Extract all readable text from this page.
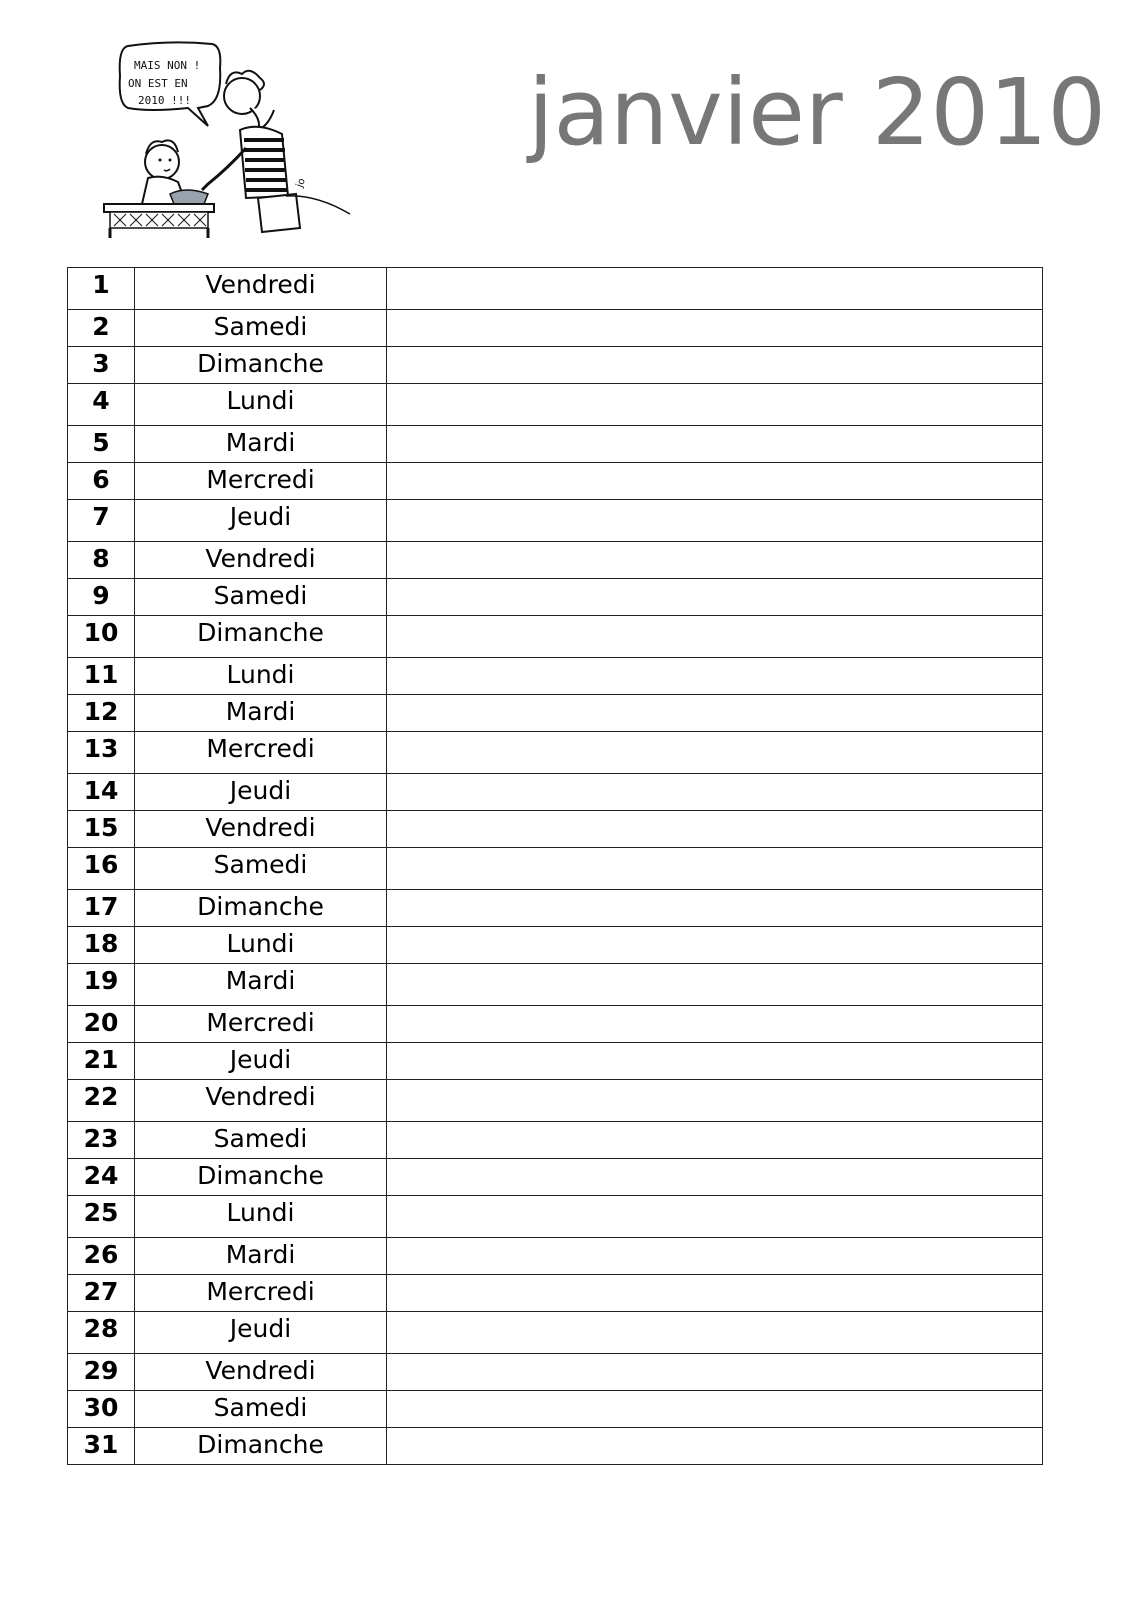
MAIS NON !
ON EST EN
2010 !!!
jo
janvier 2010
1	Vendredi	
2	Samedi	
3	Dimanche	
4	Lundi	
5	Mardi	
6	Mercredi	
7	Jeudi	
8	Vendredi	
9	Samedi	
10	Dimanche	
11	Lundi	
12	Mardi	
13	Mercredi	
14	Jeudi	
15	Vendredi	
16	Samedi	
17	Dimanche	
18	Lundi	
19	Mardi	
20	Mercredi	
21	Jeudi	
22	Vendredi	
23	Samedi	
24	Dimanche	
25	Lundi	
26	Mardi	
27	Mercredi	
28	Jeudi	
29	Vendredi	
30	Samedi	
31	Dimanche	
